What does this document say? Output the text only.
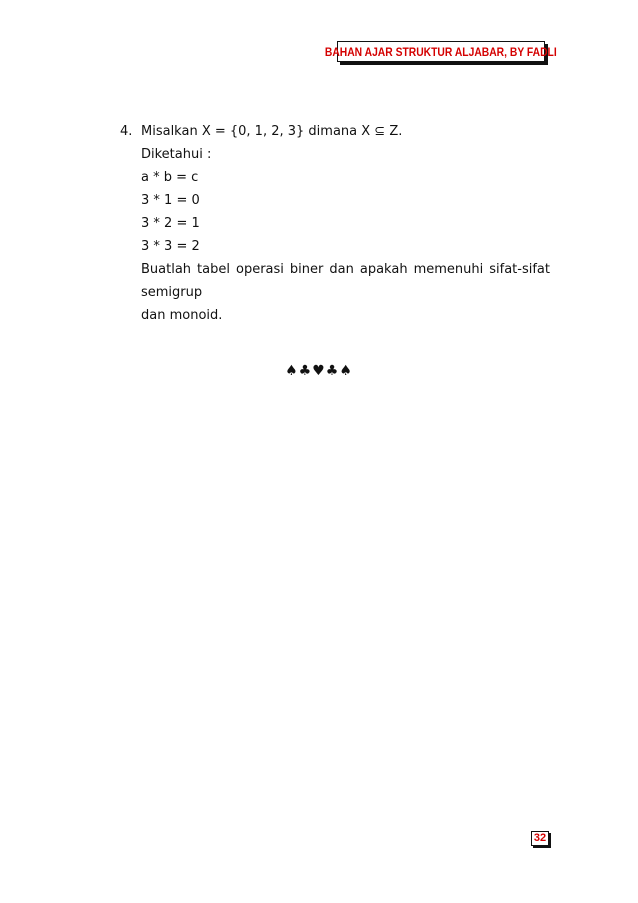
BAHAN AJAR STRUKTUR ALJABAR, BY FADLI
4. Misalkan X = {0, 1, 2, 3} dimana X ⊆ Z.
Diketahui :
a * b = c
3 * 1 = 0
3 * 2 = 1
3 * 3 = 2
Buatlah tabel operasi biner dan apakah memenuhi sifat-sifat semigrup
dan monoid.
♠♣♥♣♠
32
